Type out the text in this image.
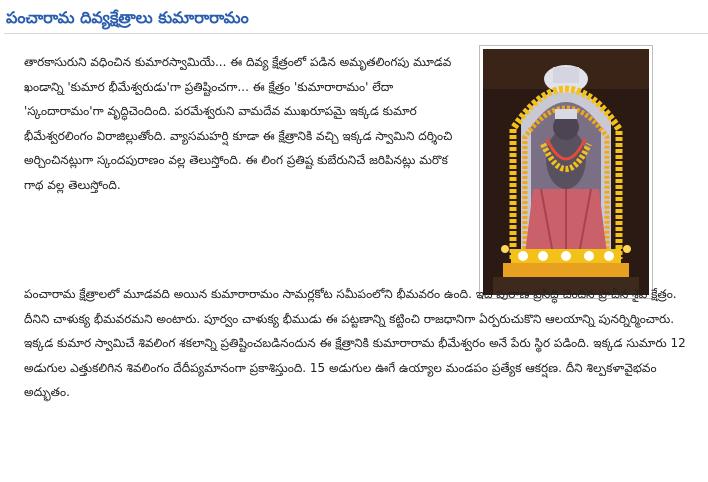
పంచారామ దివ్యక్షేత్రాలు కుమారారామం

తారకాసురుని వధించిన కుమారస్వామియే... ఈ దివ్య క్షేత్రంలో పడిన అమృతలింగపు మూడవ ఖండాన్ని 'కుమార భీమేశ్వరుడు'గా ప్రతిష్టించగా... ఈ క్షేత్రం 'కుమారారామం' లేదా 'స్కందారామం'గా వృద్ధిచెందింది. పరమేశ్వరుని వామదేవ ముఖరూపమై ఇక్కడ కుమార భీమేశ్వరలింగం విరాజిల్లుతోంది. వ్యాసమహర్షి కూడా ఈ క్షేత్రానికి వచ్చి ఇక్కడ స్వామిని దర్శించి అర్చించినట్లుగా స్కందపురాణం వల్ల తెలుస్తోంది. ఈ లింగ ప్రతిష్ట కుబేరునిచే జరిపినట్లు మరొక గాథ వల్ల తెలుస్తోంది.

పంచారామ క్షేత్రాలలో మూడవది అయిన కుమారారామం సామర్లకోట సమీపంలోని భీమవరం ఉంది. ఇది పురాణ ప్రసిద్ధి చెందిన ప్రాచీన శైవ క్షేత్రం. దీనిని చాళుక్య భీమవరమని అంటారు. పూర్వం చాళుక్య భీముడు ఈ పట్టణాన్ని కట్టించి రాజధానిగా ఏర్పరుచుకొని ఆలయాన్ని పునర్నిర్మించారు. ఇక్కడ కుమార స్వామిచే శివలింగ శకలాన్ని ప్రతిష్టించబడినందున ఈ క్షేత్రానికి కుమారారామ భీమేశ్వరం అనే పేరు స్థిర పడింది. ఇక్కడ సుమారు 12 అడుగుల ఎత్తుకలిగిన శివలింగం దేదీప్యమానంగా ప్రకాశిస్తుంది. 15 అడుగుల ఊగే ఉయ్యాల మండపం ప్రత్యేక ఆకర్షణ. దీని శిల్పకళావైభవం అద్భుతం.
